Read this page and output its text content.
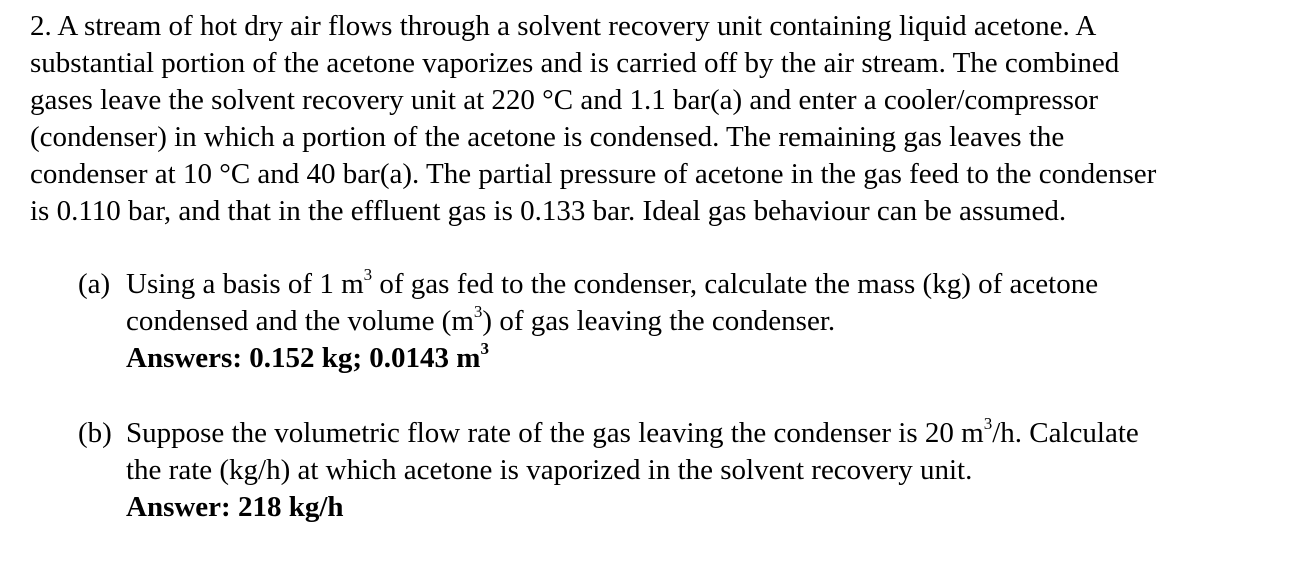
2. A stream of hot dry air flows through a solvent recovery unit containing liquid acetone. A
substantial portion of the acetone vaporizes and is carried off by the air stream. The combined
gases leave the solvent recovery unit at 220 °C and 1.1 bar(a) and enter a cooler/compressor
(condenser) in which a portion of the acetone is condensed. The remaining gas leaves the
condenser at 10 °C and 40 bar(a). The partial pressure of acetone in the gas feed to the condenser
is 0.110 bar, and that in the effluent gas is 0.133 bar. Ideal gas behaviour can be assumed.
(a) Using a basis of 1 $m^3$ of gas fed to the condenser, calculate the mass (kg) of acetone
condensed and the volume $(m^3)$ of gas leaving the condenser.
Answers: 0.152 kg; 0.0143 $m^3$
(b) Suppose the volumetric flow rate of the gas leaving the condenser is 20 $m^3/h$. Calculate
the rate (kg/h) at which acetone is vaporized in the solvent recovery unit.
Answer: 218 kg/h
